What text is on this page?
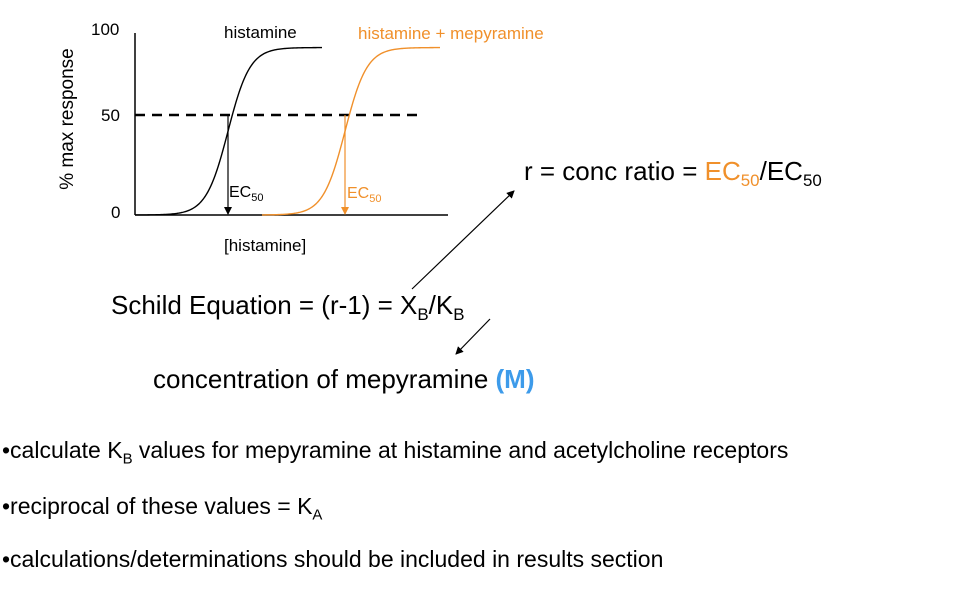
% max response
100
50
0
histamine	histamine + mepyramine
$EC_{50}$	$EC_{50}$
[histamine]
r = conc ratio = $EC_{50}/EC_{50}$
Schild Equation = $(r-1) = X_B/K_B$
concentration of mepyramine (M)
•calculate $K_B$ values for mepyramine at histamine and acetylcholine receptors
•reciprocal of these values = $K_A$
•calculations/determinations should be included in results section
